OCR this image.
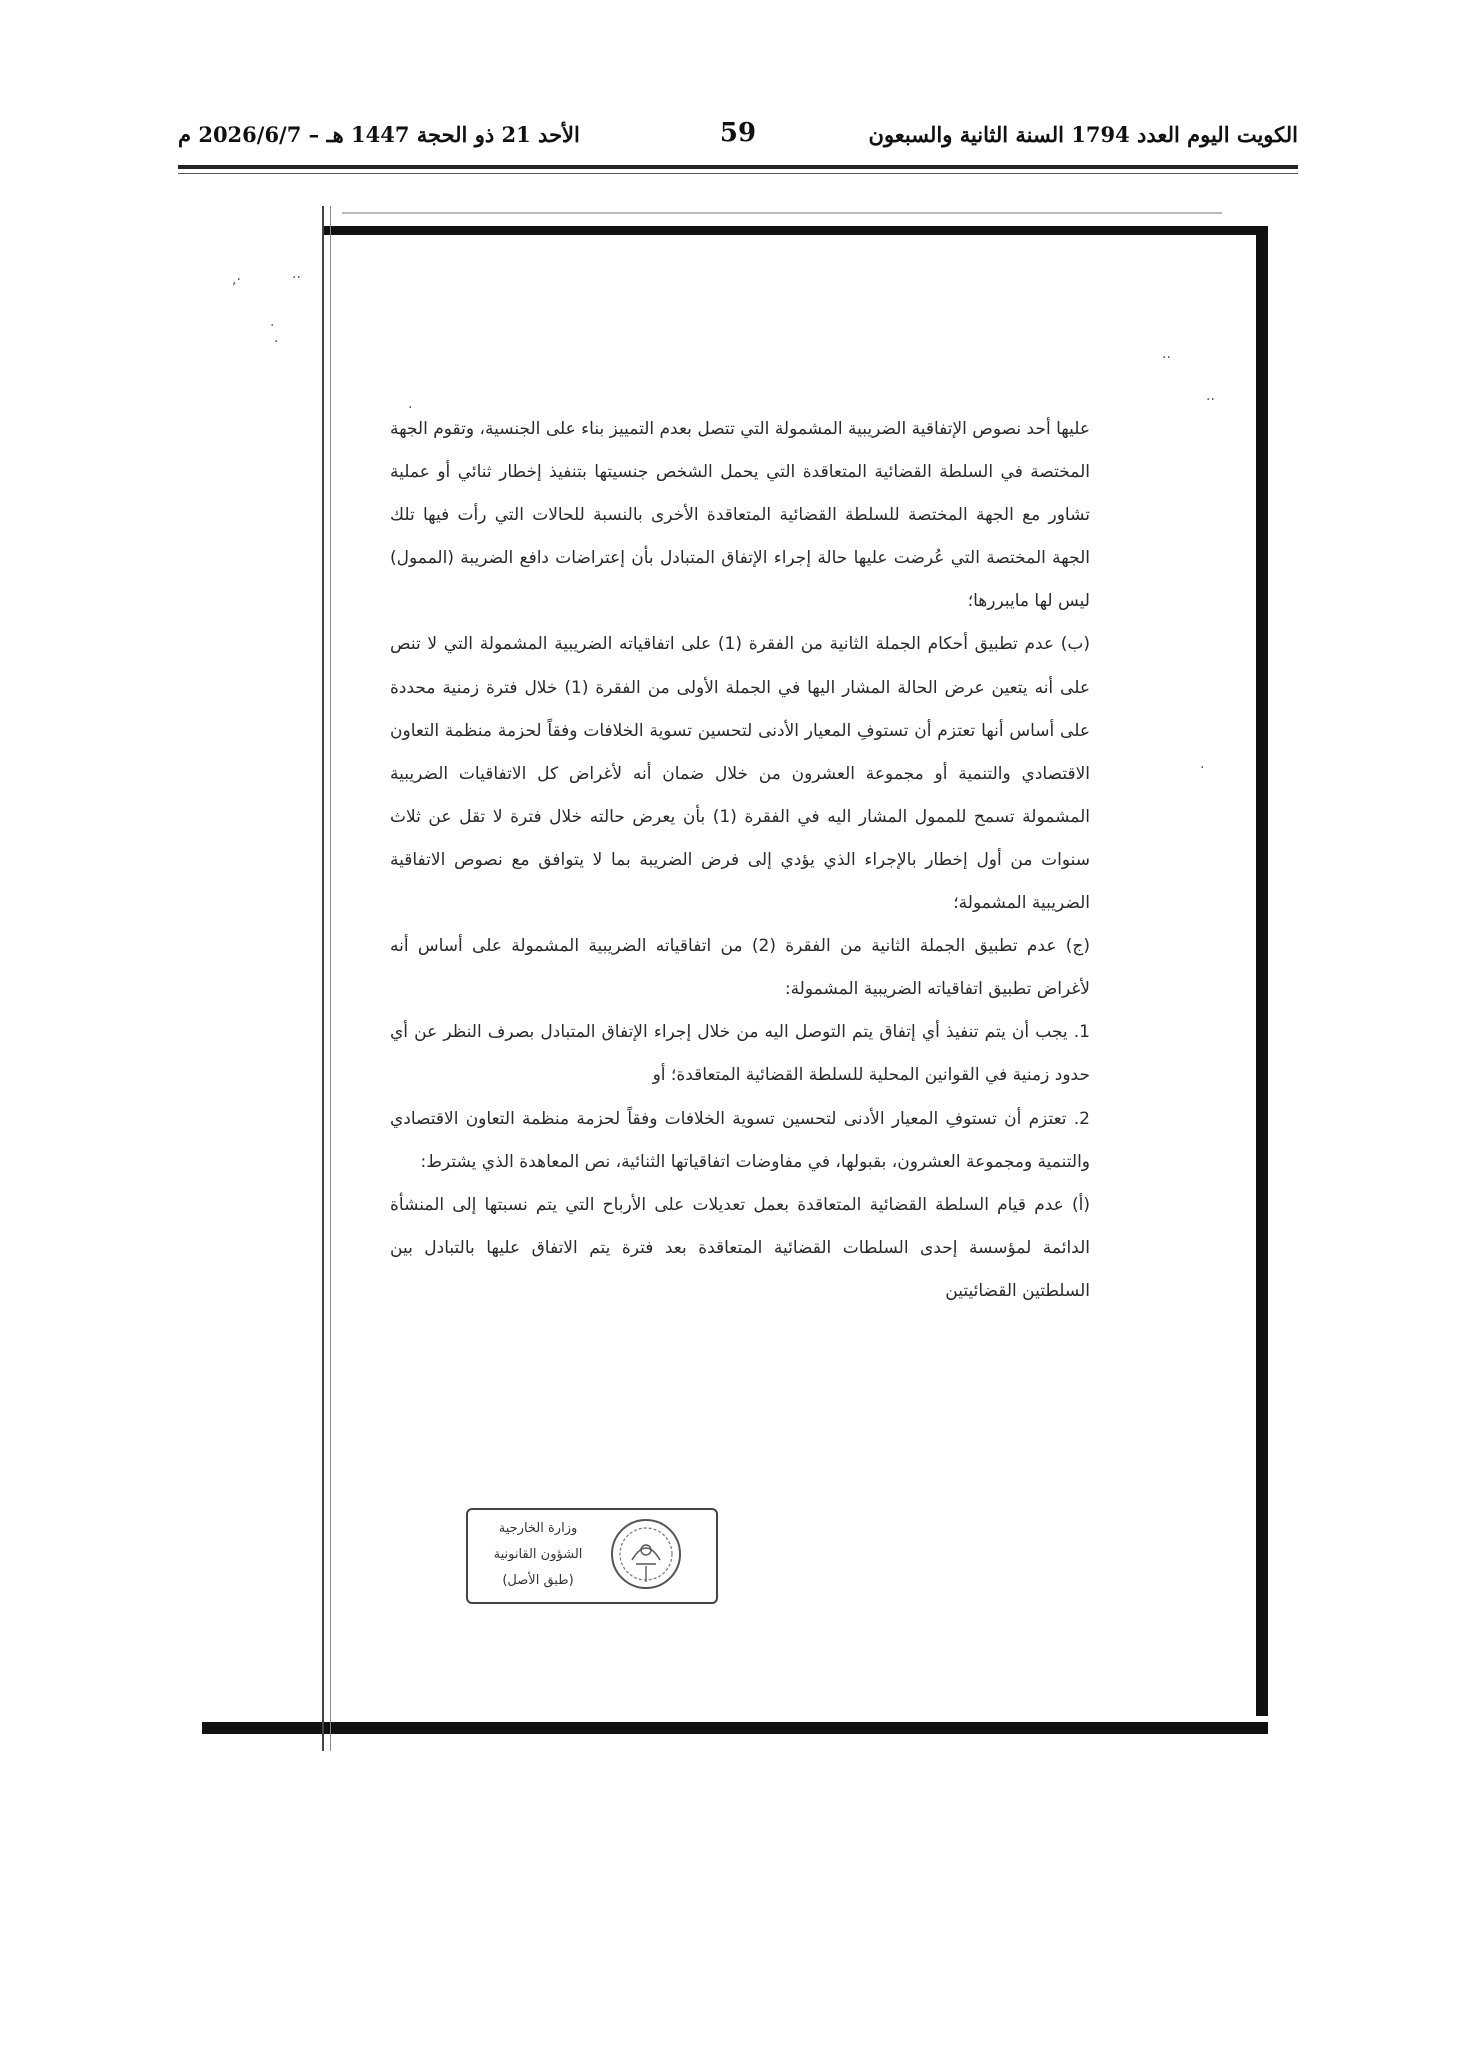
الكويت اليوم العدد 1794 السنة الثانية والسبعون
59
الأحد 21 ذو الحجة 1447 هـ – 2026/6/7 م
·,	··
·
·
··
··
·
·

عليها أحد نصوص الإتفاقية الضريبية المشمولة التي تتصل بعدم التمييز بناء على الجنسية، وتقوم الجهة المختصة في السلطة القضائية المتعاقدة التي يحمل الشخص جنسيتها بتنفيذ إخطار ثنائي أو عملية تشاور مع الجهة المختصة للسلطة القضائية المتعاقدة الأخرى بالنسبة للحالات التي رأت فيها تلك الجهة المختصة التي عُرضت عليها حالة إجراء الإتفاق المتبادل بأن إعتراضات دافع الضريبة (الممول) ليس لها مايبررها؛

(ب) عدم تطبيق أحكام الجملة الثانية من الفقرة (1) على اتفاقياته الضريبية المشمولة التي لا تنص على أنه يتعين عرض الحالة المشار اليها في الجملة الأولى من الفقرة (1) خلال فترة زمنية محددة على أساس أنها تعتزم أن تستوفِ المعيار الأدنى لتحسين تسوية الخلافات وفقاً لحزمة منظمة التعاون الاقتصادي والتنمية أو مجموعة العشرون من خلال ضمان أنه لأغراض كل الاتفاقيات الضريبية المشمولة تسمح للممول المشار اليه في الفقرة (1) بأن يعرض حالته خلال فترة لا تقل عن ثلاث سنوات من أول إخطار بالإجراء الذي يؤدي إلى فرض الضريبة بما لا يتوافق مع نصوص الاتفاقية الضريبية المشمولة؛

(ج) عدم تطبيق الجملة الثانية من الفقرة (2) من اتفاقياته الضريبية المشمولة على أساس أنه لأغراض تطبيق اتفاقياته الضريبية المشمولة:

1. يجب أن يتم تنفيذ أي إتفاق يتم التوصل اليه من خلال إجراء الإتفاق المتبادل بصرف النظر عن أي حدود زمنية في القوانين المحلية للسلطة القضائية المتعاقدة؛ أو

2. تعتزم أن تستوفِ المعيار الأدنى لتحسين تسوية الخلافات وفقاً لحزمة منظمة التعاون الاقتصادي والتنمية ومجموعة العشرون، بقبولها، في مفاوضات اتفاقياتها الثنائية، نص المعاهدة الذي يشترط:

(أ) عدم قيام السلطة القضائية المتعاقدة بعمل تعديلات على الأرباح التي يتم نسبتها إلى المنشأة الدائمة لمؤسسة إحدى السلطات القضائية المتعاقدة بعد فترة يتم الاتفاق عليها بالتبادل بين السلطتين القضائيتين

وزارة الخارجية
الشؤون القانونية
(طبق الأصل)
